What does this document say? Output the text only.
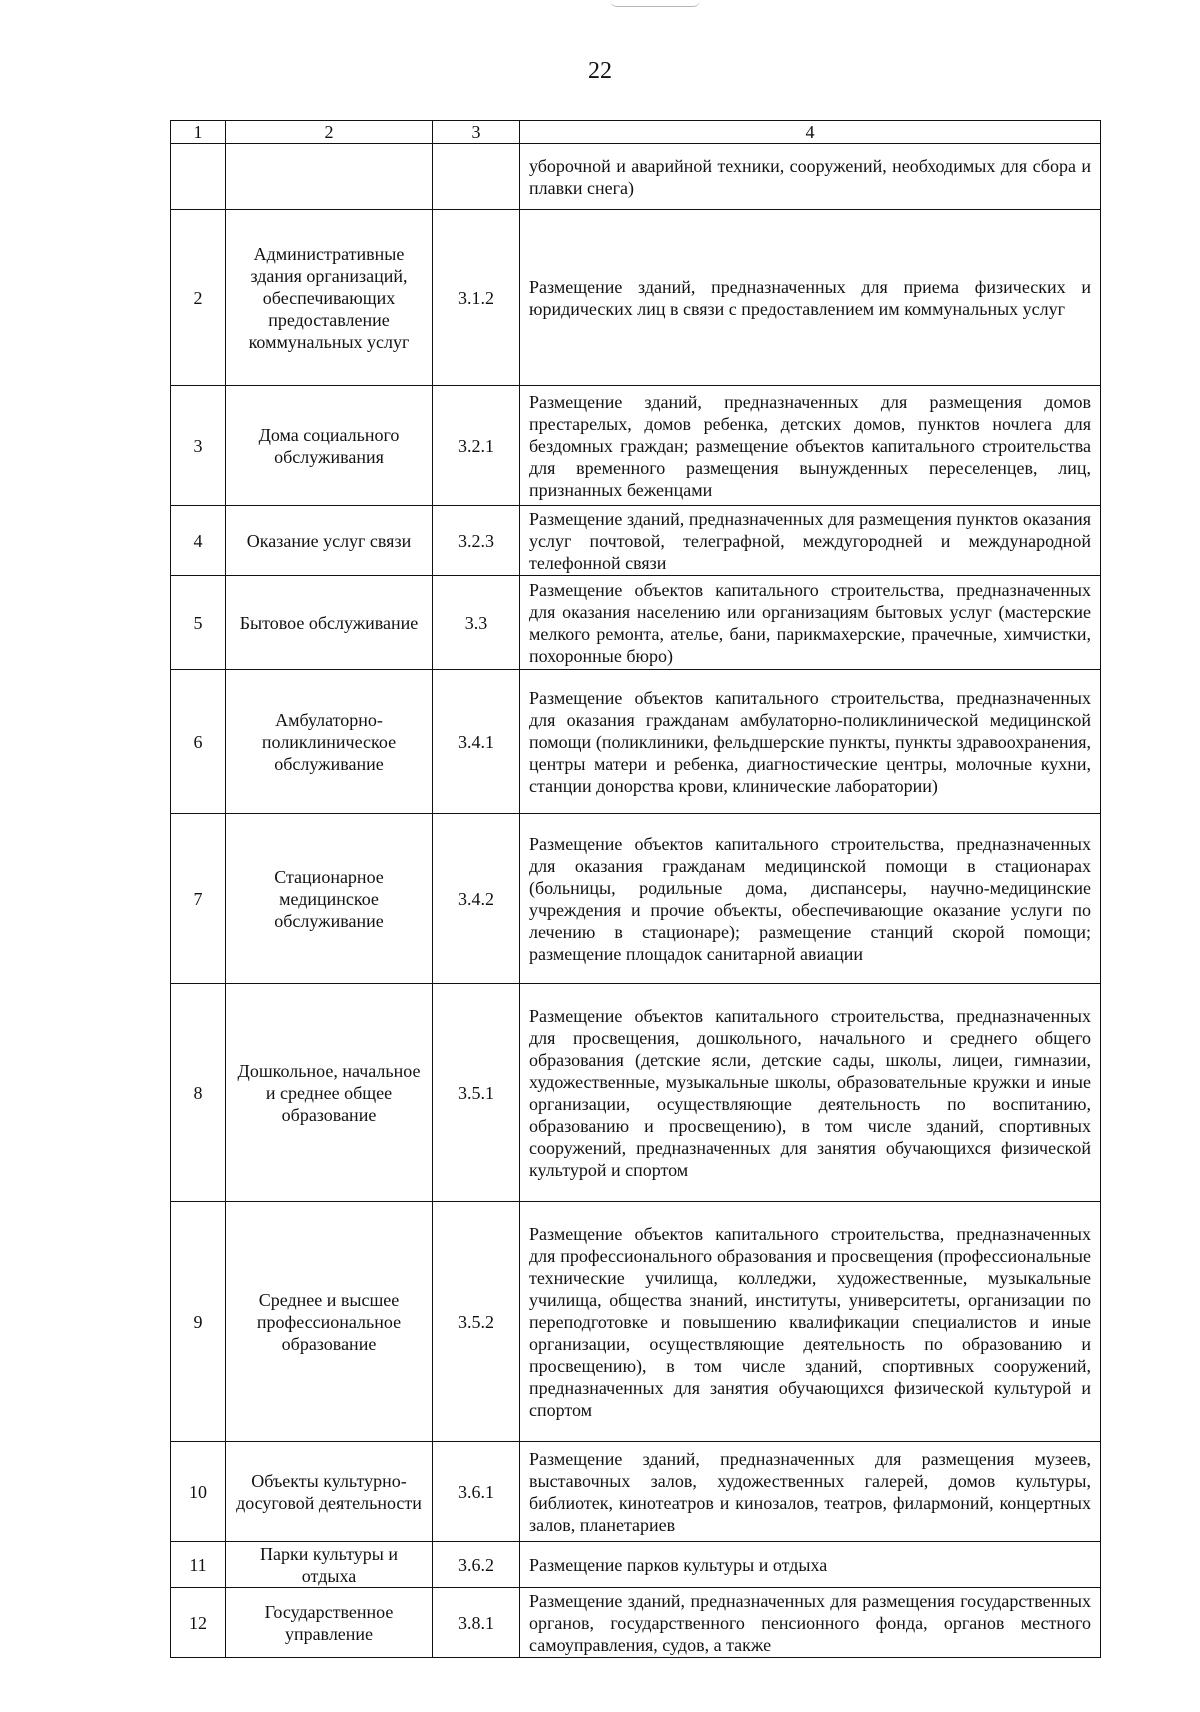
22
1	2	3	4
			уборочной и аварийной техники, сооружений, необходимых для сбора и плавки снега)
2	Административные здания организаций, обеспечивающих предоставление коммунальных услуг	3.1.2	Размещение зданий, предназначенных для приема физических и юридических лиц в связи с предоставлением им коммунальных услуг
3	Дома социального обслуживания	3.2.1	Размещение зданий, предназначенных для размещения домов престарелых, домов ребенка, детских домов, пунктов ночлега для бездомных граждан; размещение объектов капитального строительства для временного размещения вынужденных переселенцев, лиц, признанных беженцами
4	Оказание услуг связи	3.2.3	Размещение зданий, предназначенных для размещения пунктов оказания услуг почтовой, телеграфной, междугородней и международной телефонной связи
5	Бытовое обслуживание	3.3	Размещение объектов капитального строительства, предназначенных для оказания населению или организациям бытовых услуг (мастерские мелкого ремонта, ателье, бани, парикмахерские, прачечные, химчистки, похоронные бюро)
6	Амбулаторно-поликлиническое обслуживание	3.4.1	Размещение объектов капитального строительства, предназначенных для оказания гражданам амбулаторно-поликлинической медицинской помощи (поликлиники, фельдшерские пункты, пункты здравоохранения, центры матери и ребенка, диагностические центры, молочные кухни, станции донорства крови, клинические лаборатории)
7	Стационарное медицинское обслуживание	3.4.2	Размещение объектов капитального строительства, предназначенных для оказания гражданам медицинской помощи в стационарах (больницы, родильные дома, диспансеры, научно-медицинские учреждения и прочие объекты, обеспечивающие оказание услуги по лечению в стационаре); размещение станций скорой помощи; размещение площадок санитарной авиации
8	Дошкольное, начальное и среднее общее образование	3.5.1	Размещение объектов капитального строительства, предназначенных для просвещения, дошкольного, начального и среднего общего образования (детские ясли, детские сады, школы, лицеи, гимназии, художественные, музыкальные школы, образовательные кружки и иные организации, осуществляющие деятельность по воспитанию, образованию и просвещению), в том числе зданий, спортивных сооружений, предназначенных для занятия обучающихся физической культурой и спортом
9	Среднее и высшее профессиональное образование	3.5.2	Размещение объектов капитального строительства, предназначенных для профессионального образования и просвещения (профессиональные технические училища, колледжи, художественные, музыкальные училища, общества знаний, институты, университеты, организации по переподготовке и повышению квалификации специалистов и иные организации, осуществляющие деятельность по образованию и просвещению), в том числе зданий, спортивных сооружений, предназначенных для занятия обучающихся физической культурой и спортом
10	Объекты культурно-досуговой деятельности	3.6.1	Размещение зданий, предназначенных для размещения музеев, выставочных залов, художественных галерей, домов культуры, библиотек, кинотеатров и кинозалов, театров, филармоний, концертных залов, планетариев
11	Парки культуры и отдыха	3.6.2	Размещение парков культуры и отдыха
12	Государственное управление	3.8.1	Размещение зданий, предназначенных для размещения государственных органов, государственного пенсионного фонда, органов местного самоуправления, судов, а также
